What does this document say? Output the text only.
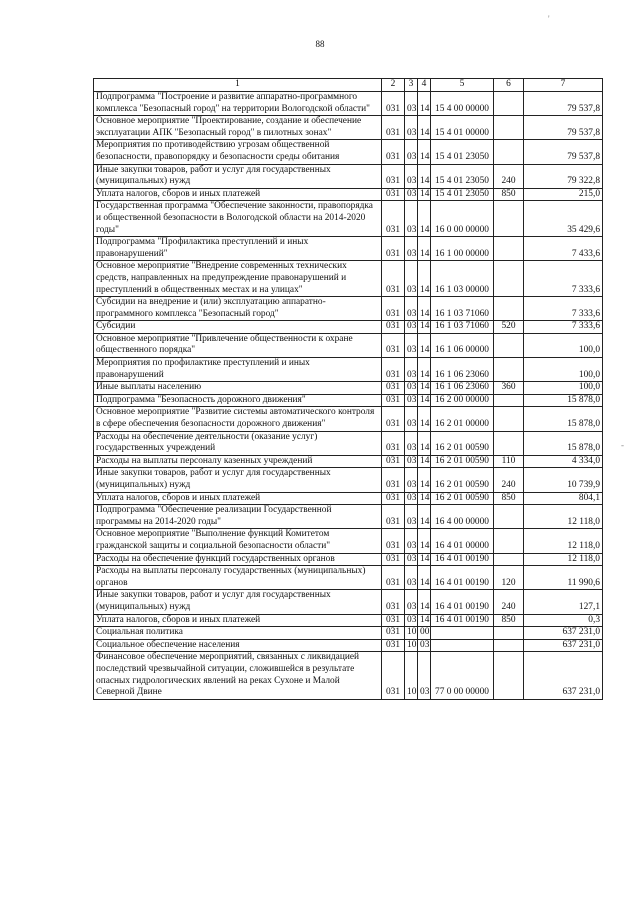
88
'
-
1	2	3	4	5	6	7
Подпрограмма "Построение и развитие аппаратно-программного комплекса "Безопасный город" на территории Вологодской области"	031	03	14	15 4 00 00000		79 537,8
Основное мероприятие "Проектирование, создание и обеспечение эксплуатации АПК "Безопасный город" в пилотных зонах"	031	03	14	15 4 01 00000		79 537,8
Мероприятия по противодействию угрозам общественной безопасности, правопорядку и безопасности среды обитания	031	03	14	15 4 01 23050		79 537,8
Иные закупки товаров, работ и услуг для государственных (муниципальных) нужд	031	03	14	15 4 01 23050	240	79 322,8
Уплата налогов, сборов и иных платежей	031	03	14	15 4 01 23050	850	215,0
Государственная программа "Обеспечение законности, правопорядка и общественной безопасности в Вологодской области на 2014-2020 годы"	031	03	14	16 0 00 00000		35 429,6
Подпрограмма "Профилактика преступлений и иных правонарушений"	031	03	14	16 1 00 00000		7 433,6
Основное мероприятие "Внедрение современных технических средств, направленных на предупреждение правонарушений и преступлений в общественных местах и на улицах"	031	03	14	16 1 03 00000		7 333,6
Субсидии на внедрение и (или) эксплуатацию аппаратно-программного комплекса "Безопасный город"	031	03	14	16 1 03 71060		7 333,6
Субсидии	031	03	14	16 1 03 71060	520	7 333,6
Основное мероприятие "Привлечение общественности к охране общественного порядка"	031	03	14	16 1 06 00000		100,0
Мероприятия по профилактике преступлений и иных правонарушений	031	03	14	16 1 06 23060		100,0
Иные выплаты населению	031	03	14	16 1 06 23060	360	100,0
Подпрограмма "Безопасность дорожного движения"	031	03	14	16 2 00 00000		15 878,0
Основное мероприятие "Развитие системы автоматического контроля в сфере обеспечения безопасности дорожного движения"	031	03	14	16 2 01 00000		15 878,0
Расходы на обеспечение деятельности (оказание услуг) государственных учреждений	031	03	14	16 2 01 00590		15 878,0
Расходы на выплаты персоналу казенных учреждений	031	03	14	16 2 01 00590	110	4 334,0
Иные закупки товаров, работ и услуг для государственных (муниципальных) нужд	031	03	14	16 2 01 00590	240	10 739,9
Уплата налогов, сборов и иных платежей	031	03	14	16 2 01 00590	850	804,1
Подпрограмма "Обеспечение реализации Государственной программы на 2014-2020 годы"	031	03	14	16 4 00 00000		12 118,0
Основное мероприятие "Выполнение функций Комитетом гражданской защиты и социальной безопасности области"	031	03	14	16 4 01 00000		12 118,0
Расходы на обеспечение функций государственных органов	031	03	14	16 4 01 00190		12 118,0
Расходы на выплаты персоналу государственных (муниципальных) органов	031	03	14	16 4 01 00190	120	11 990,6
Иные закупки товаров, работ и услуг для государственных (муниципальных) нужд	031	03	14	16 4 01 00190	240	127,1
Уплата налогов, сборов и иных платежей	031	03	14	16 4 01 00190	850	0,3
Социальная политика	031	10	00			637 231,0
Социальное обеспечение населения	031	10	03			637 231,0
Финансовое обеспечение мероприятий, связанных с ликвидацией последствий чрезвычайной ситуации, сложившейся в результате опасных гидрологических явлений на реках Сухоне и Малой Северной Двине	031	10	03	77 0 00 00000		637 231,0
